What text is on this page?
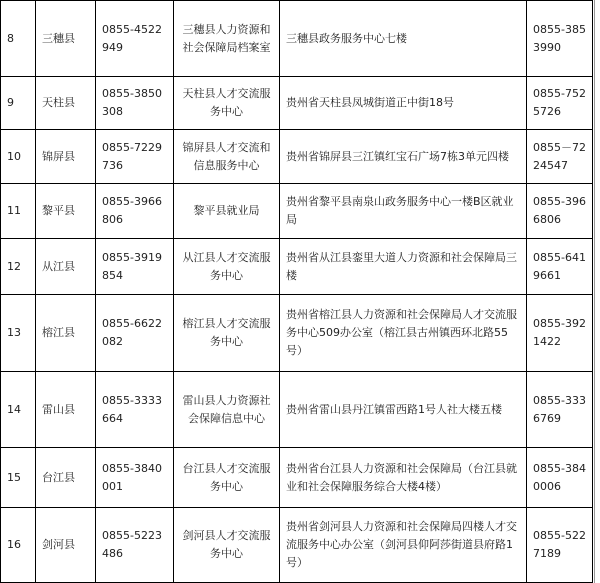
8	三穗县	0855-4522949	三穗县人力资源和社会保障局档案室	三穗县政务服务中心七楼	0855-3853990
9	天柱县	0855-3850308	天柱县人才交流服务中心	贵州省天柱县凤城街道正中街18号	0855-7525726
10	锦屏县	0855-7229736	锦屏县人才交流和信息服务中心	贵州省锦屏县三江镇红宝石广场7栋3单元四楼	0855－7224547
11	黎平县	0855-3966806	黎平县就业局	贵州省黎平县南泉山政务服务中心一楼B区就业局	0855-3966806
12	从江县	0855-3919854	从江县人才交流服务中心	贵州省从江县銮里大道人力资源和社会保障局三楼	0855-6419661
13	榕江县	0855-6622082	榕江县人才交流服务中心	贵州省榕江县人力资源和社会保障局人才交流服务中心509办公室（榕江县古州镇西环北路55号）	0855-3921422
14	雷山县	0855-3333664	雷山县人力资源社会保障信息中心	贵州省雷山县丹江镇雷西路1号人社大楼五楼	0855-3336769
15	台江县	0855-3840001	台江县人才交流服务中心	贵州省台江县人力资源和社会保障局（台江县就业和社会保障服务综合大楼4楼）	0855-3840006
16	剑河县	0855-5223486	剑河县人才交流服务中心	贵州省剑河县人力资源和社会保障局四楼人才交流服务中心办公室（剑河县仰阿莎街道县府路1号）	0855-5227189
